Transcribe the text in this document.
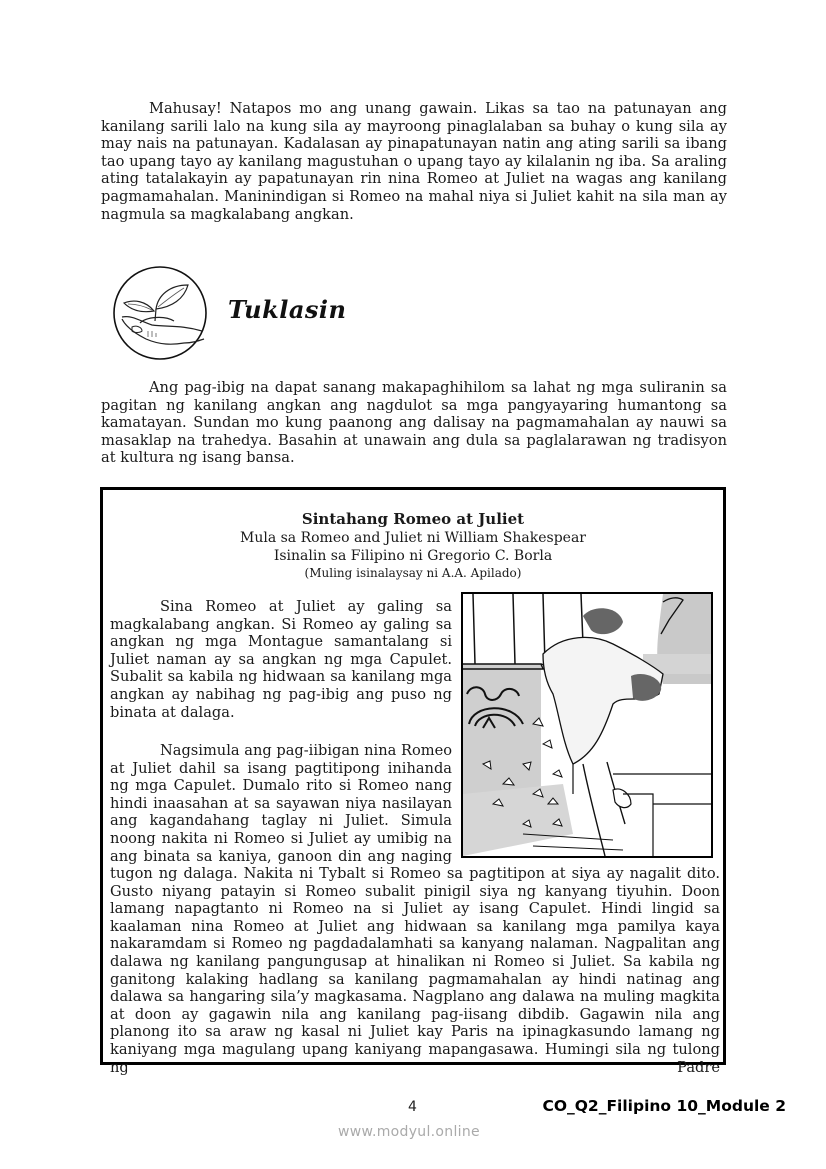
Mahusay! Natapos mo ang unang gawain. Likas sa tao na patunayan ang kanilang sarili lalo na kung sila ay mayroong pinaglalaban sa buhay o kung sila ay may nais na patunayan. Kadalasan ay pinapatunayan natin ang ating sarili sa ibang tao upang tayo ay kanilang magustuhan o upang tayo ay kilalanin ng iba. Sa araling ating tatalakayin ay papatunayan rin nina Romeo at Juliet na wagas ang kanilang pagmamahalan. Maninindigan si Romeo na mahal niya si Juliet kahit na sila man ay nagmula sa magkalabang angkan.

Tuklasin

Ang pag-ibig na dapat sanang makapaghihilom sa lahat ng mga suliranin sa pagitan ng kanilang angkan ang nagdulot sa mga pangyayaring humantong sa kamatayan. Sundan mo kung paanong ang dalisay na pagmamahalan ay nauwi sa masaklap na trahedya. Basahin at unawain ang dula sa paglalarawan ng tradisyon at kultura ng isang bansa.

Sintahang Romeo at Juliet
Mula sa Romeo and Juliet ni William Shakespear
Isinalin sa Filipino ni Gregorio C. Borla
(Muling isinalaysay ni A.A. Apilado)

Sina Romeo at Juliet ay galing sa magkalabang angkan. Si Romeo ay galing sa angkan ng mga Montague samantalang si Juliet naman ay sa angkan ng mga Capulet. Subalit sa kabila ng hidwaan sa kanilang mga angkan ay nabihag ng pag-ibig ang puso ng binata at dalaga.

Nagsimula ang pag-iibigan nina Romeo at Juliet dahil sa isang pagtitipong inihanda ng mga Capulet. Dumalo rito si Romeo nang hindi inaasahan at sa sayawan niya nasilayan ang kagandahang taglay ni Juliet. Simula noong nakita ni Romeo si Juliet ay umibig na ang binata sa kaniya, ganoon din ang naging

tugon ng dalaga. Nakita ni Tybalt si Romeo sa pagtitipon at siya ay nagalit dito. Gusto niyang patayin si Romeo subalit pinigil siya ng kanyang tiyuhin. Doon lamang napagtanto ni Romeo na si Juliet ay isang Capulet. Hindi lingid sa kaalaman nina Romeo at Juliet ang hidwaan sa kanilang mga pamilya kaya nakaramdam si Romeo ng pagdadalamhati sa kanyang nalaman. Nagpalitan ang dalawa ng kanilang pangungusap at hinalikan ni Romeo si Juliet. Sa kabila ng ganitong kalaking hadlang sa kanilang pagmamahalan ay hindi natinag ang dalawa sa hangaring sila’y magkasama. Nagplano ang dalawa na muling magkita at doon ay gagawin nila ang kanilang pag-iisang dibdib. Gagawin nila ang planong ito sa araw ng kasal ni Juliet kay Paris na ipinagkasundo lamang ng kaniyang mga magulang upang kaniyang mapangasawa. Humingi sila ng tulong ng Padre

4	CO_Q2_Filipino 10_Module 2
www.modyul.online
